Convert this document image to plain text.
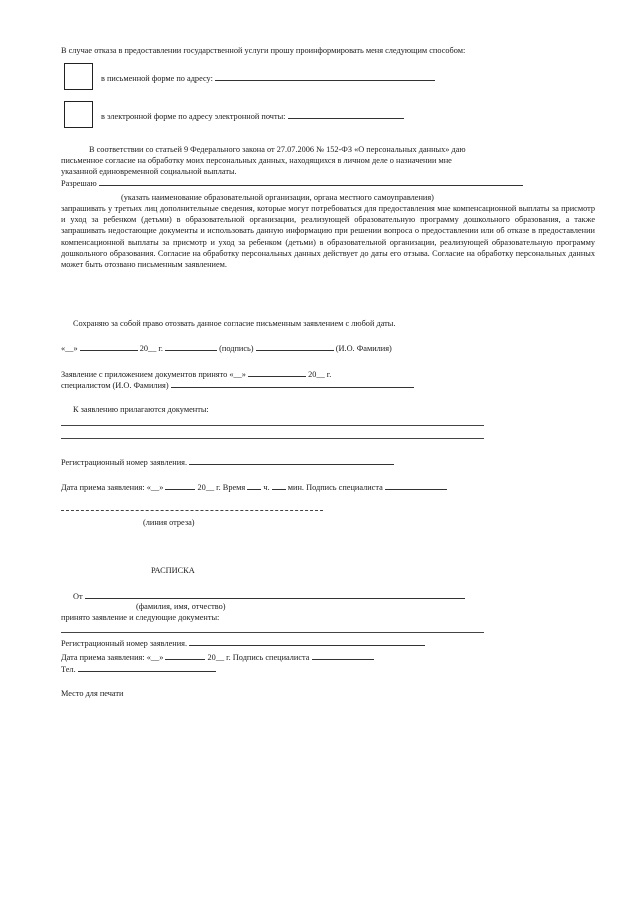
В случае отказа в предоставлении государственной услуги прошу проинформировать меня следующим способом:
в письменной форме по адресу:
в электронной форме по адресу электронной почты:
В соответствии со статьей 9 Федерального закона от 27.07.2006 № 152-ФЗ «О персональных данных» даю
письменное согласие на обработку моих персональных данных, находящихся в личном деле о назначении мне
указанной единовременной социальной выплаты.
Разрешаю
(указать наименование образовательной организации, органа местного самоуправления)
запрашивать у третьих лиц дополнительные сведения, которые могут потребоваться для предоставления мне компенсационной выплаты за присмотр и уход за ребенком (детьми) в образовательной организации, реализующей образовательную программу дошкольного образования, а также запрашивать недостающие документы и использовать данную информацию при решении вопроса о предоставлении или об отказе в предоставлении компенсационной выплаты за присмотр и уход за ребенком (детьми) в образовательной организации, реализующей образовательную программу дошкольного образования. Согласие на обработку персональных данных действует до даты его отзыва. Согласие на обработку персональных данных может быть отозвано письменным заявлением.
Сохраняю за собой право отозвать данное согласие письменным заявлением с любой даты.
«__»	20__ г.	(подпись)	(И.О. Фамилия)
Заявление с приложением документов принято «__»	20__ г.
специалистом (И.О. Фамилия)
К заявлению прилагаются документы:
Регистрационный номер заявления.
Дата приема заявления: «__»	20__ г. Время ч. мин. Подпись специалиста
(линия отреза)
РАСПИСКА
От
(фамилия, имя, отчество)
принято заявление и следующие документы:
Регистрационный номер заявления.
Дата приема заявления: «__»	20__ г. Подпись специалиста
Тел.
Место для печати
